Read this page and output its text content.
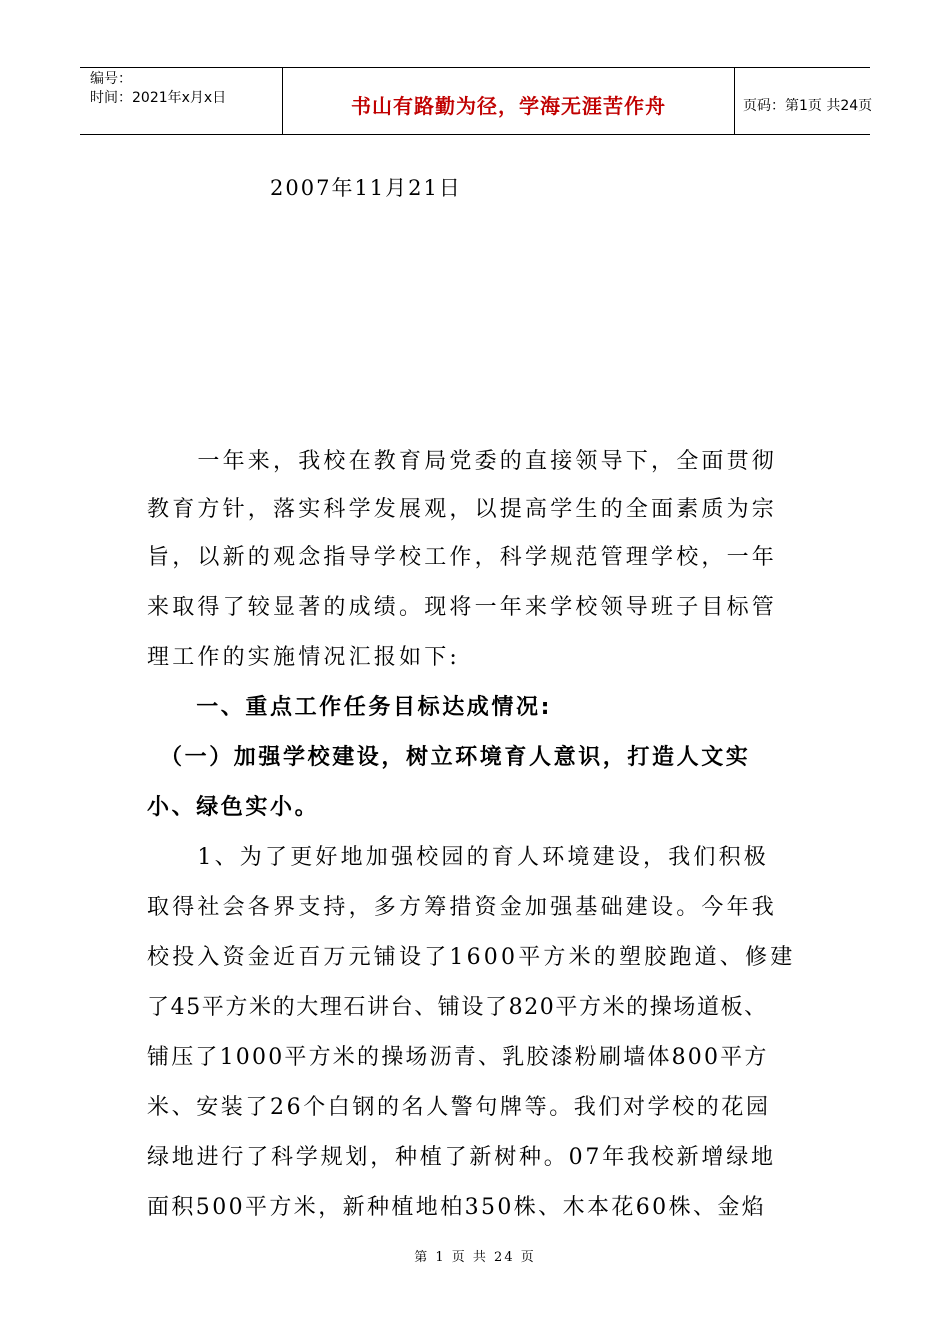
编号：
时间：2021年x月x日	书山有路勤为径，学海无涯苦作舟	页码：第1页 共24页
2007年11月21日
　　一年来，我校在教育局党委的直接领导下，全面贯彻
教育方针，落实科学发展观，以提高学生的全面素质为宗
旨，以新的观念指导学校工作，科学规范管理学校，一年
来取得了较显著的成绩。现将一年来学校领导班子目标管
理工作的实施情况汇报如下:
　　一、重点工作任务目标达成情况:
（一）加强学校建设，树立环境育人意识，打造人文实
小、绿色实小。
　　1、为了更好地加强校园的育人环境建设，我们积极
取得社会各界支持，多方筹措资金加强基础建设。今年我
校投入资金近百万元铺设了1600平方米的塑胶跑道、修建
了45平方米的大理石讲台、铺设了820平方米的操场道板、
铺压了1000平方米的操场沥青、乳胶漆粉刷墙体800平方
米、安装了26个白钢的名人警句牌等。我们对学校的花园
绿地进行了科学规划，种植了新树种。07年我校新增绿地
面积500平方米，新种植地柏350株、木本花60株、金焰
第 1 页 共 24 页
